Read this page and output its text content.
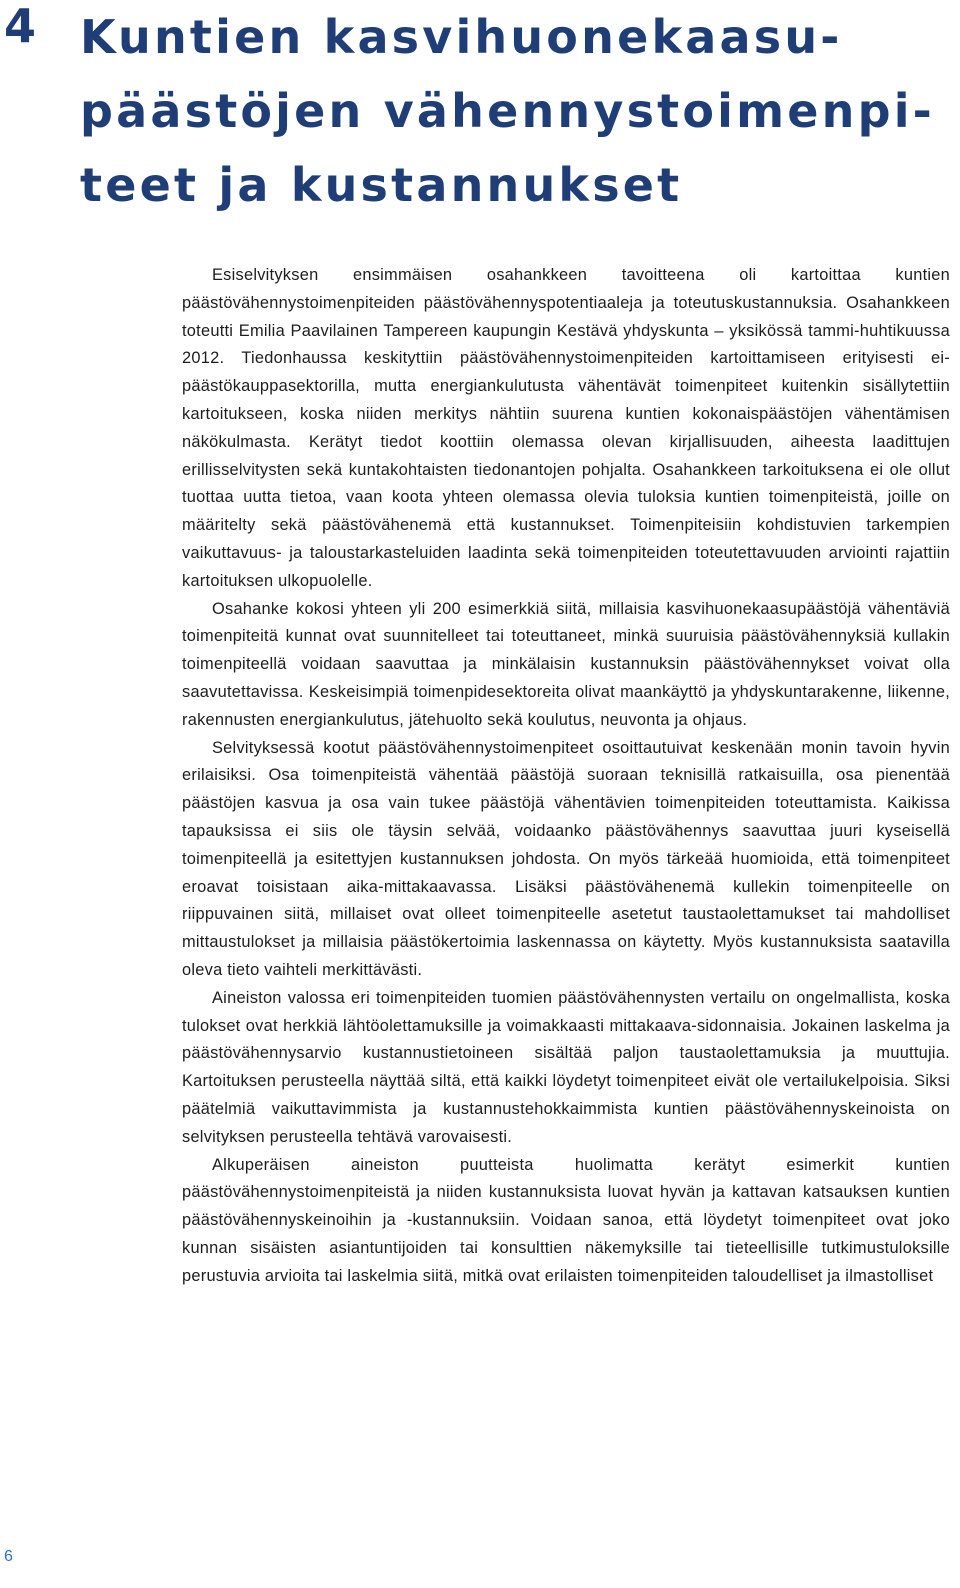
4 Kuntien kasvihuonekaasu-
päästöjen vähennystoimenpi-
teet ja kustannukset

Esiselvityksen ensimmäisen osahankkeen tavoitteena oli kartoittaa kuntien päästövähennystoimenpiteiden päästövähennyspotentiaaleja ja toteutuskustannuksia. Osahankkeen toteutti Emilia Paavilainen Tampereen kaupungin Kestävä yhdyskunta – yksikössä tammi-huhtikuussa 2012. Tiedonhaussa keskityttiin päästövähennystoimenpiteiden kartoittamiseen erityisesti ei-päästökauppasektorilla, mutta energiankulutusta vähentävät toimenpiteet kuitenkin sisällytettiin kartoitukseen, koska niiden merkitys nähtiin suurena kuntien kokonaispäästöjen vähentämisen näkökulmasta. Kerätyt tiedot koottiin olemassa olevan kirjallisuuden, aiheesta laadittujen erillisselvitysten sekä kuntakohtaisten tiedonantojen pohjalta. Osahankkeen tarkoituksena ei ole ollut tuottaa uutta tietoa, vaan koota yhteen olemassa olevia tuloksia kuntien toimenpiteistä, joille on määritelty sekä päästövähenemä että kustannukset. Toimenpiteisiin kohdistuvien tarkempien vaikuttavuus- ja taloustarkasteluiden laadinta sekä toimenpiteiden toteutettavuuden arviointi rajattiin kartoituksen ulkopuolelle.

Osahanke kokosi yhteen yli 200 esimerkkiä siitä, millaisia kasvihuonekaasupäästöjä vähentäviä toimenpiteitä kunnat ovat suunnitelleet tai toteuttaneet, minkä suuruisia päästövähennyksiä kullakin toimenpiteellä voidaan saavuttaa ja minkälaisin kustannuksin päästövähennykset voivat olla saavutettavissa. Keskeisimpiä toimenpidesektoreita olivat maankäyttö ja yhdyskuntarakenne, liikenne, rakennusten energiankulutus, jätehuolto sekä koulutus, neuvonta ja ohjaus.

Selvityksessä kootut päästövähennystoimenpiteet osoittautuivat keskenään monin tavoin hyvin erilaisiksi. Osa toimenpiteistä vähentää päästöjä suoraan teknisillä ratkaisuilla, osa pienentää päästöjen kasvua ja osa vain tukee päästöjä vähentävien toimenpiteiden toteuttamista. Kaikissa tapauksissa ei siis ole täysin selvää, voidaanko päästövähennys saavuttaa juuri kyseisellä toimenpiteellä ja esitettyjen kustannuksen johdosta. On myös tärkeää huomioida, että toimenpiteet eroavat toisistaan aika-mittakaavassa. Lisäksi päästövähenemä kullekin toimenpiteelle on riippuvainen siitä, millaiset ovat olleet toimenpiteelle asetetut taustaolettamukset tai mahdolliset mittaustulokset ja millaisia päästökertoimia laskennassa on käytetty. Myös kustannuksista saatavilla oleva tieto vaihteli merkittävästi.

Aineiston valossa eri toimenpiteiden tuomien päästövähennysten vertailu on ongelmallista, koska tulokset ovat herkkiä lähtöolettamuksille ja voimakkaasti mittakaava-sidonnaisia. Jokainen laskelma ja päästövähennysarvio kustannustietoineen sisältää paljon taustaolettamuksia ja muuttujia. Kartoituksen perusteella näyttää siltä, että kaikki löydetyt toimenpiteet eivät ole vertailukelpoisia. Siksi päätelmiä vaikuttavimmista ja kustannustehokkaimmista kuntien päästövähennyskeinoista on selvityksen perusteella tehtävä varovaisesti.

Alkuperäisen aineiston puutteista huolimatta kerätyt esimerkit kuntien päästövähennystoimenpiteistä ja niiden kustannuksista luovat hyvän ja kattavan katsauksen kuntien päästövähennyskeinoihin ja -kustannuksiin. Voidaan sanoa, että löydetyt toimenpiteet ovat joko kunnan sisäisten asiantuntijoiden tai konsulttien näkemyksille tai tieteellisille tutkimustuloksille perustuvia arvioita tai laskelmia siitä, mitkä ovat erilaisten toimenpiteiden taloudelliset ja ilmastolliset

6
